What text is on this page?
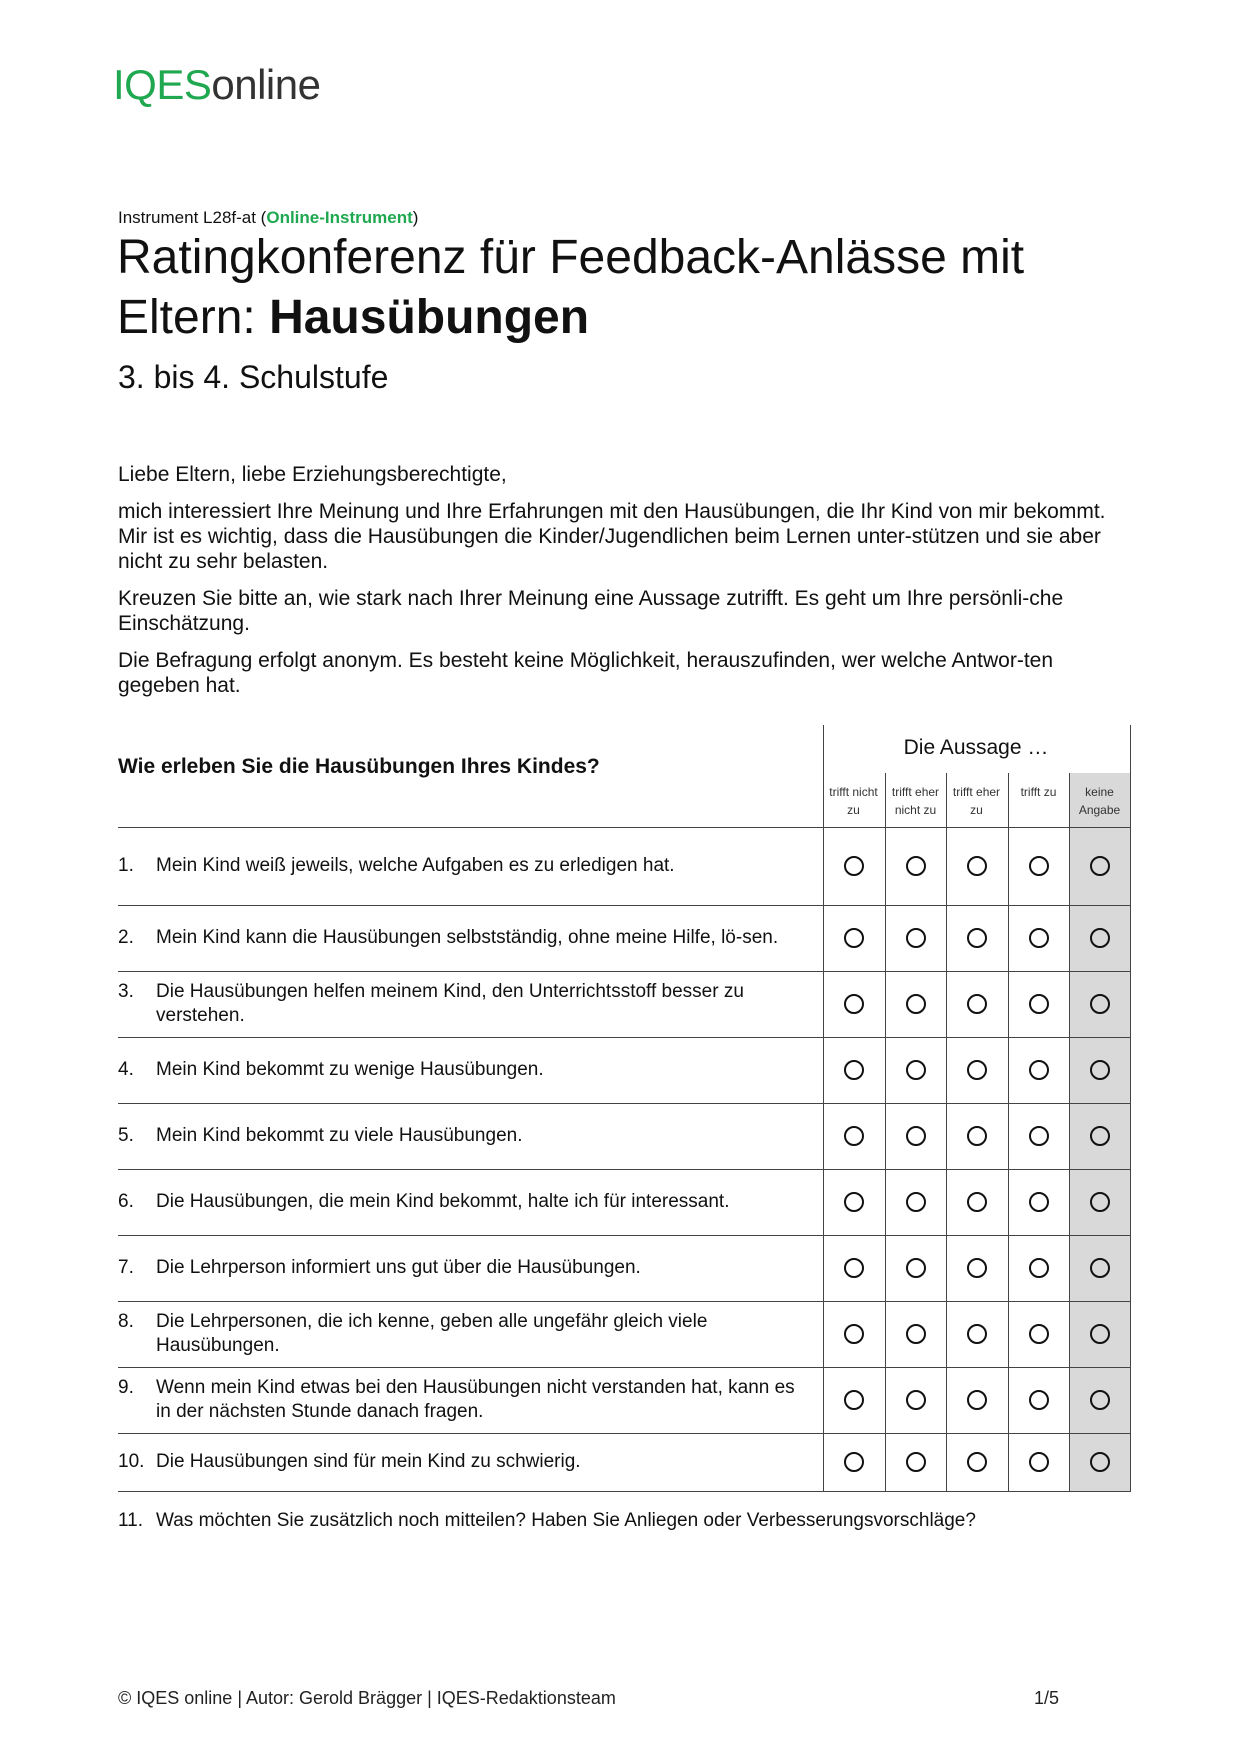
IQESonline
Instrument L28f-at (Online-Instrument)
Ratingkonferenz für Feedback-Anlässe mit
Eltern: Hausübungen
3. bis 4. Schulstufe

Liebe Eltern, liebe Erziehungsberechtigte,

mich interessiert Ihre Meinung und Ihre Erfahrungen mit den Hausübungen, die Ihr Kind von mir bekommt. Mir ist es wichtig, dass die Hausübungen die Kinder/Jugendlichen beim Lernen unter-stützen und sie aber nicht zu sehr belasten.

Kreuzen Sie bitte an, wie stark nach Ihrer Meinung eine Aussage zutrifft. Es geht um Ihre persönli-che Einschätzung.

Die Befragung erfolgt anonym. Es besteht keine Möglichkeit, herauszufinden, wer welche Antwor-ten gegeben hat.

Wie erleben Sie die Hausübungen Ihres Kindes?
Die Aussage …
trifft nicht
zu
trifft eher
nicht zu
trifft eher
zu
trifft zu	keine
Angabe
1. Mein Kind weiß jeweils, welche Aufgaben es zu erledigen hat.
2. Mein Kind kann die Hausübungen selbstständig, ohne meine Hilfe, lö-sen.
3. Die Hausübungen helfen meinem Kind, den Unterrichtsstoff besser zu verstehen.
4. Mein Kind bekommt zu wenige Hausübungen.
5. Mein Kind bekommt zu viele Hausübungen.
6. Die Hausübungen, die mein Kind bekommt, halte ich für interessant.
7. Die Lehrperson informiert uns gut über die Hausübungen.
8. Die Lehrpersonen, die ich kenne, geben alle ungefähr gleich viele Hausübungen.
9. Wenn mein Kind etwas bei den Hausübungen nicht verstanden hat, kann es in der nächsten Stunde danach fragen.
10. Die Hausübungen sind für mein Kind zu schwierig.
11. Was möchten Sie zusätzlich noch mitteilen? Haben Sie Anliegen oder Verbesserungsvorschläge?
© IQES online | Autor: Gerold Brägger | IQES-Redaktionsteam	1/5
